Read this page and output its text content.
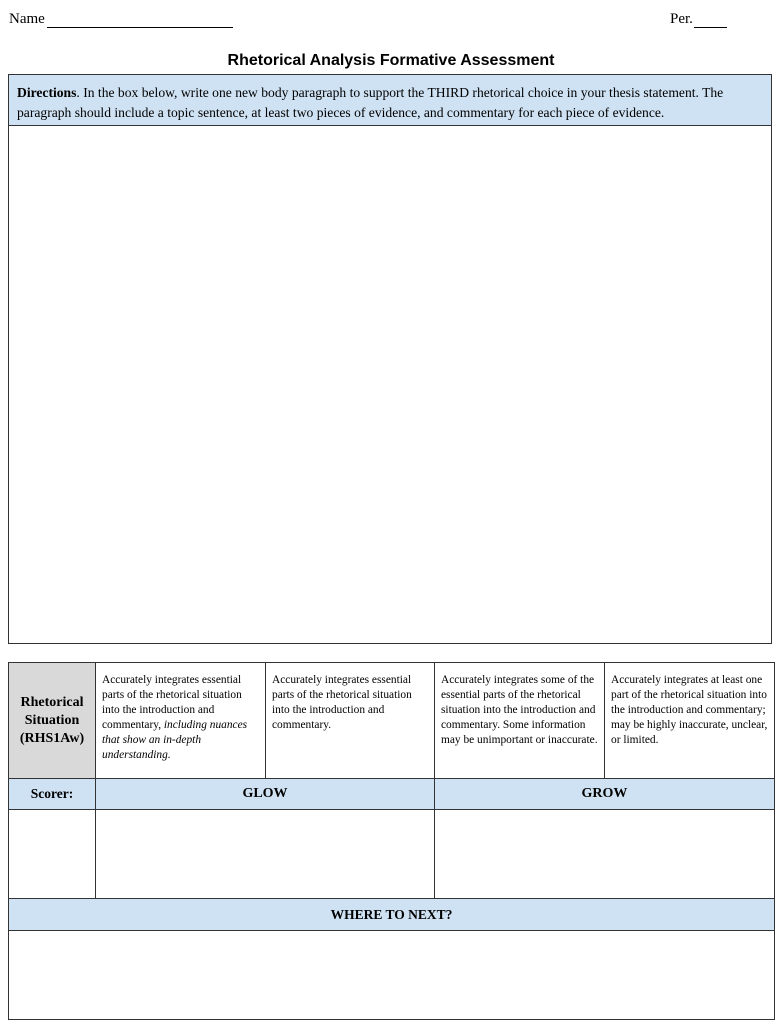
Name	Per.
Rhetorical Analysis Formative Assessment
Directions. In the box below, write one new body paragraph to support the THIRD rhetorical choice in your thesis statement. The paragraph should include a topic sentence, at least two pieces of evidence, and commentary for each piece of evidence.
Rhetorical
Situation
(RHS1Aw)	Accurately integrates essential parts of the rhetorical situation into the introduction and commentary, including nuances that show an in-depth understanding.	Accurately integrates essential parts of the rhetorical situation into the introduction and commentary.	Accurately integrates some of the essential parts of the rhetorical situation into the introduction and commentary. Some information may be unimportant or inaccurate.	Accurately integrates at least one part of the rhetorical situation into the introduction and commentary; may be highly inaccurate, unclear, or limited.
Scorer:	GLOW		GROW	

WHERE TO NEXT?				
